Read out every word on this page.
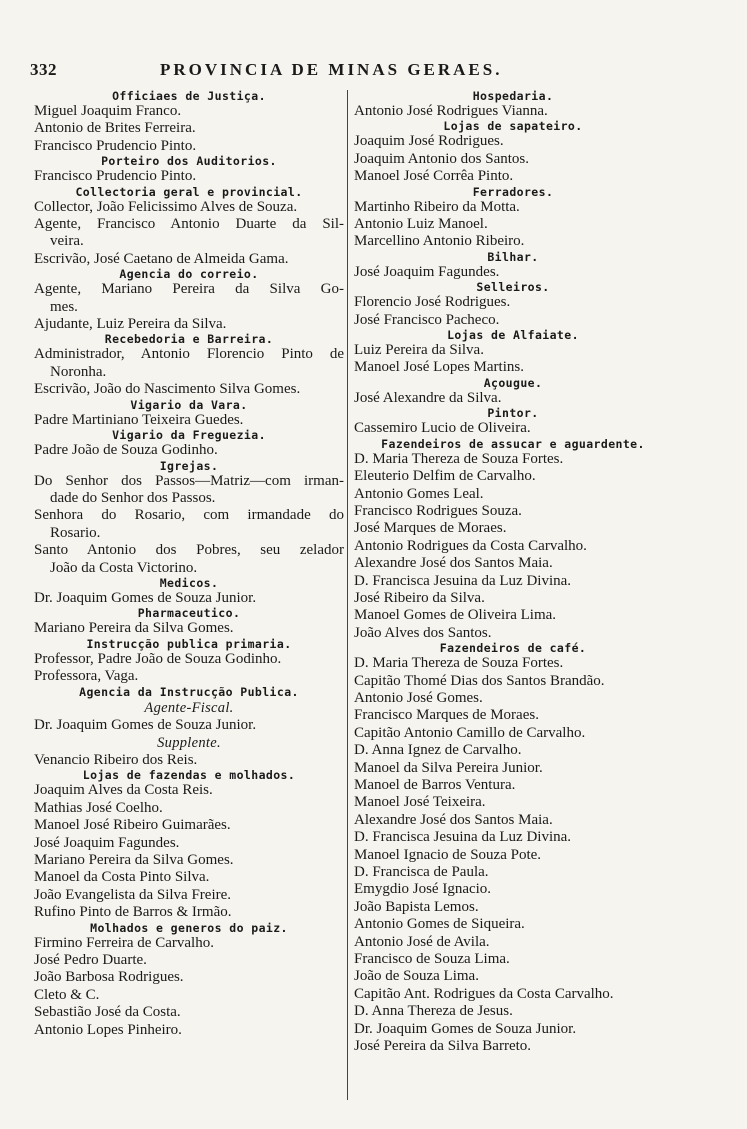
332	PROVINCIA DE MINAS GERAES.
Officiaes de Justiça.
Miguel Joaquim Franco.
Antonio de Brites Ferreira.
Francisco Prudencio Pinto.
Porteiro dos Auditorios.
Francisco Prudencio Pinto.
Collectoria geral e provincial.
Collector, João Felicissimo Alves de Souza.
Agente, Francisco Antonio Duarte da Sil-
veira.
Escrivão, José Caetano de Almeida Gama.
Agencia do correio.
Agente, Mariano Pereira da Silva Go-
mes.
Ajudante, Luiz Pereira da Silva.
Recebedoria e Barreira.
Administrador, Antonio Florencio Pinto de
Noronha.
Escrivão, João do Nascimento Silva Gomes.
Vigario da Vara.
Padre Martiniano Teixeira Guedes.
Vigario da Freguezia.
Padre João de Souza Godinho.
Igrejas.
Do Senhor dos Passos—Matriz—com irman-
dade do Senhor dos Passos.
Senhora do Rosario, com irmandade do
Rosario.
Santo Antonio dos Pobres, seu zelador
João da Costa Victorino.
Medicos.
Dr. Joaquim Gomes de Souza Junior.
Pharmaceutico.
Mariano Pereira da Silva Gomes.
Instrucção publica primaria.
Professor, Padre João de Souza Godinho.
Professora, Vaga.
Agencia da Instrucção Publica.
Agente-Fiscal.
Dr. Joaquim Gomes de Souza Junior.
Supplente.
Venancio Ribeiro dos Reis.
Lojas de fazendas e molhados.
Joaquim Alves da Costa Reis.
Mathias José Coelho.
Manoel José Ribeiro Guimarães.
José Joaquim Fagundes.
Mariano Pereira da Silva Gomes.
Manoel da Costa Pinto Silva.
João Evangelista da Silva Freire.
Rufino Pinto de Barros & Irmão.
Molhados e generos do paiz.
Firmino Ferreira de Carvalho.
José Pedro Duarte.
João Barbosa Rodrigues.
Cleto & C.
Sebastião José da Costa.
Antonio Lopes Pinheiro.
Hospedaria.
Antonio José Rodrigues Vianna.
Lojas de sapateiro.
Joaquim José Rodrigues.
Joaquim Antonio dos Santos.
Manoel José Corrêa Pinto.
Ferradores.
Martinho Ribeiro da Motta.
Antonio Luiz Manoel.
Marcellino Antonio Ribeiro.
Bilhar.
José Joaquim Fagundes.
Selleiros.
Florencio José Rodrigues.
José Francisco Pacheco.
Lojas de Alfaiate.
Luiz Pereira da Silva.
Manoel José Lopes Martins.
Açougue.
José Alexandre da Silva.
Pintor.
Cassemiro Lucio de Oliveira.
Fazendeiros de assucar e aguardente.
D. Maria Thereza de Souza Fortes.
Eleuterio Delfim de Carvalho.
Antonio Gomes Leal.
Francisco Rodrigues Souza.
José Marques de Moraes.
Antonio Rodrigues da Costa Carvalho.
Alexandre José dos Santos Maia.
D. Francisca Jesuina da Luz Divina.
José Ribeiro da Silva.
Manoel Gomes de Oliveira Lima.
João Alves dos Santos.
Fazendeiros de café.
D. Maria Thereza de Souza Fortes.
Capitão Thomé Dias dos Santos Brandão.
Antonio José Gomes.
Francisco Marques de Moraes.
Capitão Antonio Camillo de Carvalho.
D. Anna Ignez de Carvalho.
Manoel da Silva Pereira Junior.
Manoel de Barros Ventura.
Manoel José Teixeira.
Alexandre José dos Santos Maia.
D. Francisca Jesuina da Luz Divina.
Manoel Ignacio de Souza Pote.
D. Francisca de Paula.
Emygdio José Ignacio.
João Bapista Lemos.
Antonio Gomes de Siqueira.
Antonio José de Avila.
Francisco de Souza Lima.
João de Souza Lima.
Capitão Ant. Rodrigues da Costa Carvalho.
D. Anna Thereza de Jesus.
Dr. Joaquim Gomes de Souza Junior.
José Pereira da Silva Barreto.
